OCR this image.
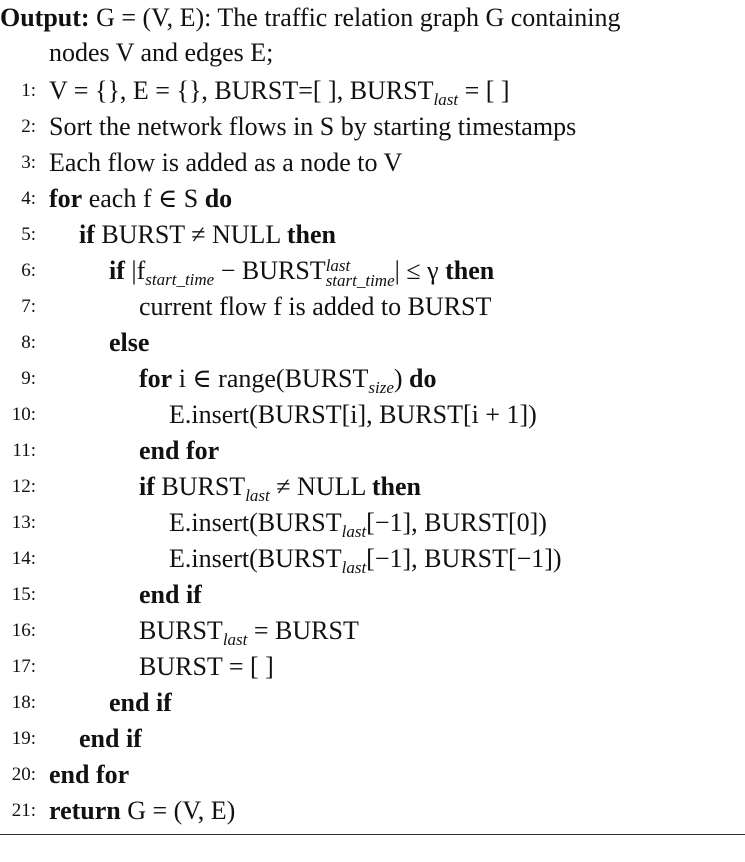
Output: G = (V, E): The traffic relation graph G containing
nodes V and edges E;
1: V = {}, E = {}, BURST=[ ], $BURST_{last}$ = [ ]
2: Sort the network flows in S by starting timestamps
3: Each flow is added as a node to V
4: for each f ∈ S do
5: if BURST ≠ NULL then
6:	if $|f_{start\_time}$ − BURST last
start_time | ≤ γ then
7:	current flow f is added to BURST
8:	else
9:	for i ∈ $range(BURST_{size})$ do
10:	E.insert(BURST[i], BURST[i + 1])
11:	end for
12:	if $BURST_{last}$ ≠ NULL then
13:	$E.insert(BURST_{last}[-1]$, BURST[0])
14:	$E.insert(BURST_{last}[-1]$, BURST[−1])
15:	end if
16:	$BURST_{last}$ = BURST
17:	BURST = [ ]
18:	end if
19: end if
20: end for
21: return G = (V, E)
